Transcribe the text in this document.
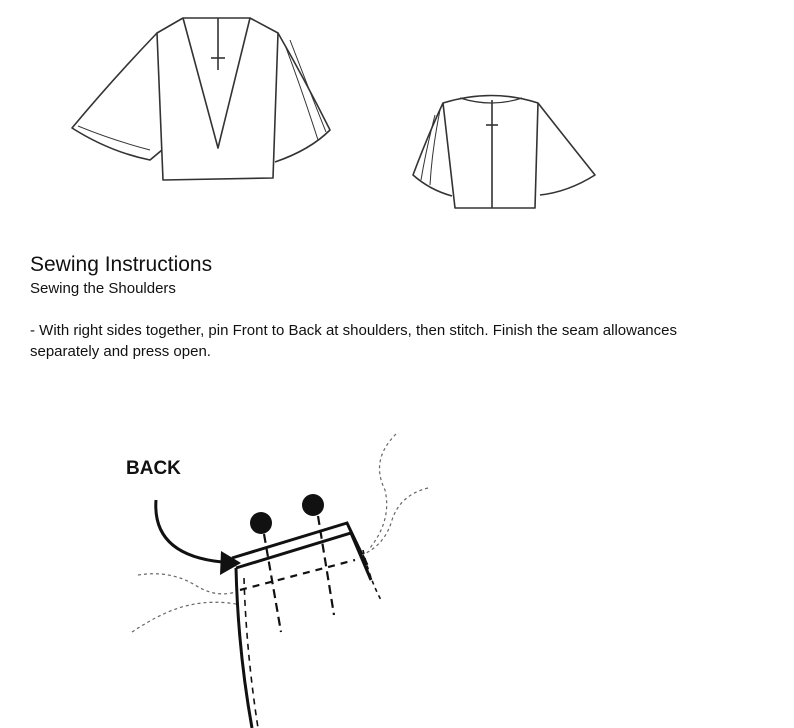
Sewing Instructions
Sewing the Shoulders
- With right sides together, pin Front to Back at shoulders, then stitch. Finish the seam allowances separately and press open.
BACK
